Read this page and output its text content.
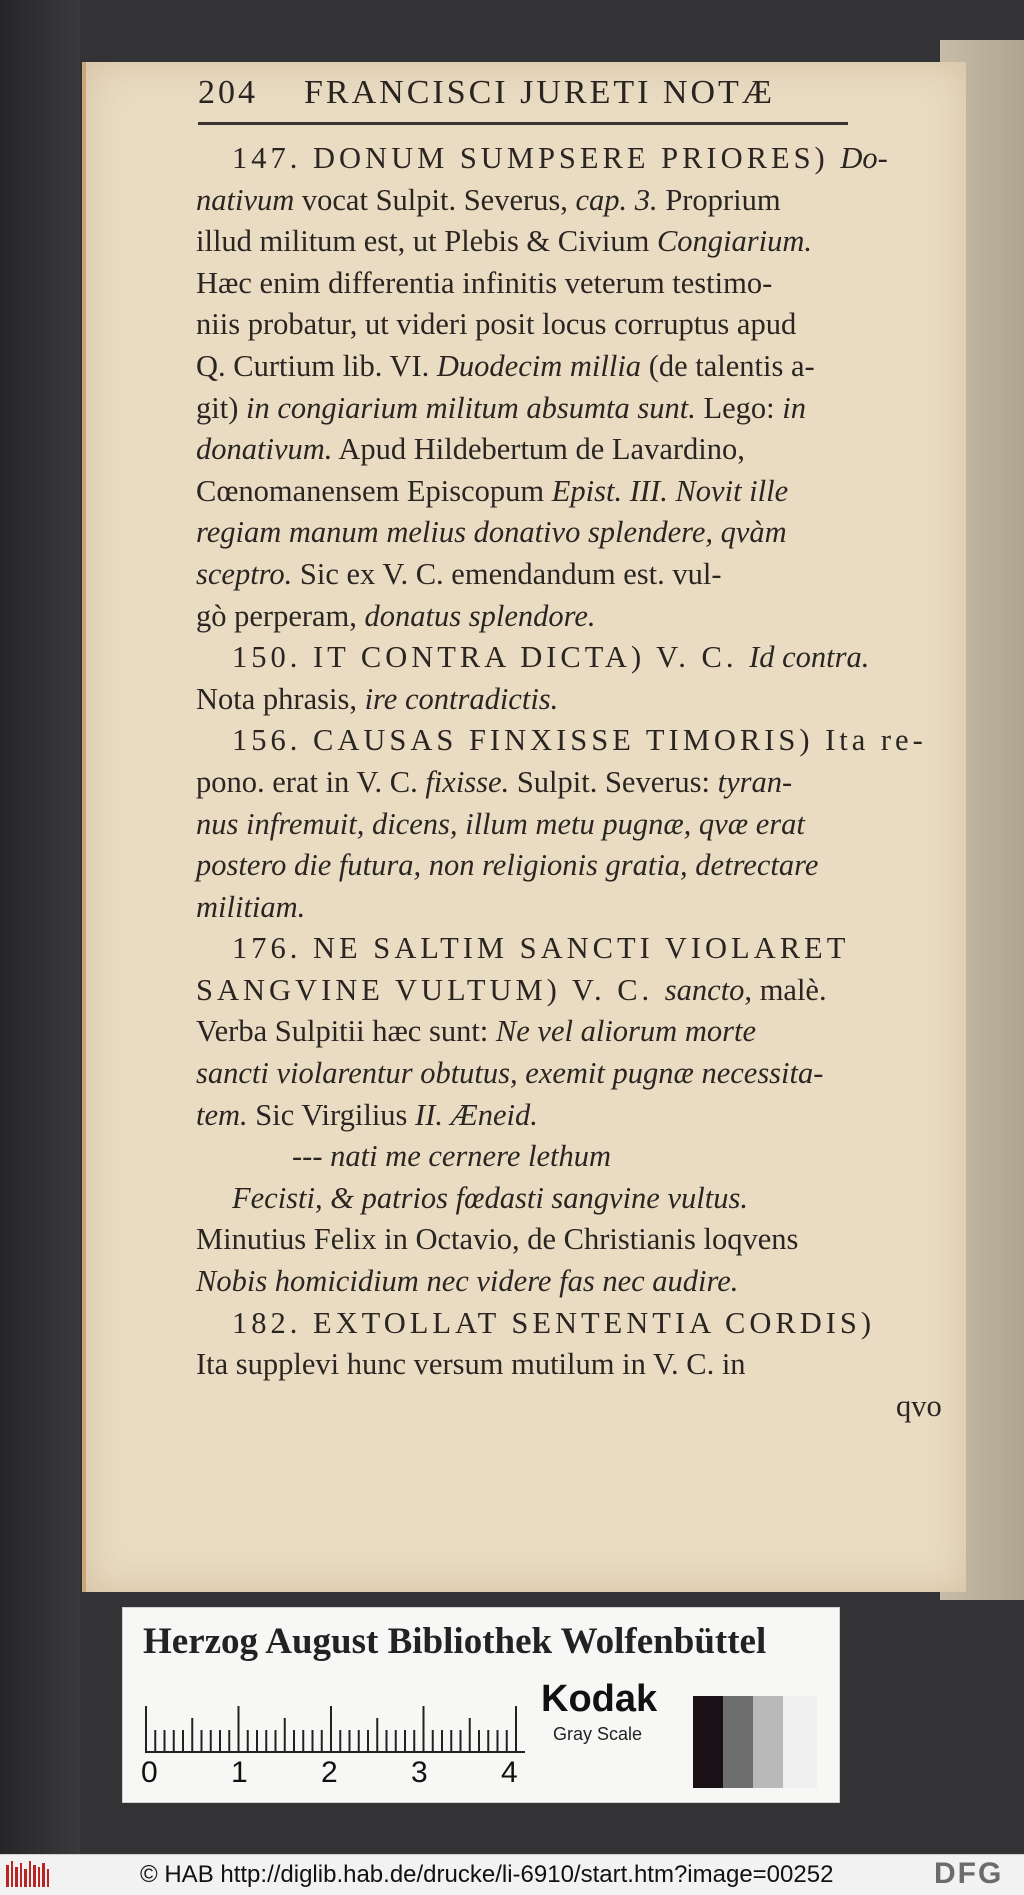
204 FRANCISCI JURETI NOTÆ
147. DONUM SUMPSERE PRIORES) Do-
nativum vocat Sulpit. Severus, cap. 3. Proprium
illud militum est, ut Plebis & Civium Congiarium.
Hæc enim differentia infinitis veterum testimo-
niis probatur, ut videri posit locus corruptus apud
Q. Curtium lib. VI. Duodecim millia (de talentis a-
git) in congiarium militum absumta sunt. Lego: in
donativum. Apud Hildebertum de Lavardino,
Cœnomanensem Episcopum Epist. III. Novit ille
regiam manum melius donativo splendere, qvàm
sceptro. Sic ex V. C. emendandum est. vul-
gò perperam, donatus splendore.
150. IT CONTRA DICTA) V. C. Id contra.
Nota phrasis, ire contradictis.
156. CAUSAS FINXISSE TIMORIS) Ita re-
pono. erat in V. C. fixisse. Sulpit. Severus: tyran-
nus infremuit, dicens, illum metu pugnæ, qvæ erat
postero die futura, non religionis gratia, detrectare
militiam.
176. NE SALTIM SANCTI VIOLARET
SANGVINE VULTUM) V. C. sancto, malè.
Verba Sulpitii hæc sunt: Ne vel aliorum morte
sancti violarentur obtutus, exemit pugnæ necessita-
tem. Sic Virgilius II. Æneid.
--- nati me cernere lethum
Fecisti, & patrios fœdasti sangvine vultus.
Minutius Felix in Octavio, de Christianis loqvens
Nobis homicidium nec videre fas nec audire.
182. EXTOLLAT SENTENTIA CORDIS)
Ita supplevi hunc versum mutilum in V. C. in
qvo
Herzog August Bibliothek Wolfenbüttel
0 1 2 3 4
Kodak
Gray Scale
© HAB http://diglib.hab.de/drucke/li-6910/start.htm?image=00252	DFG
